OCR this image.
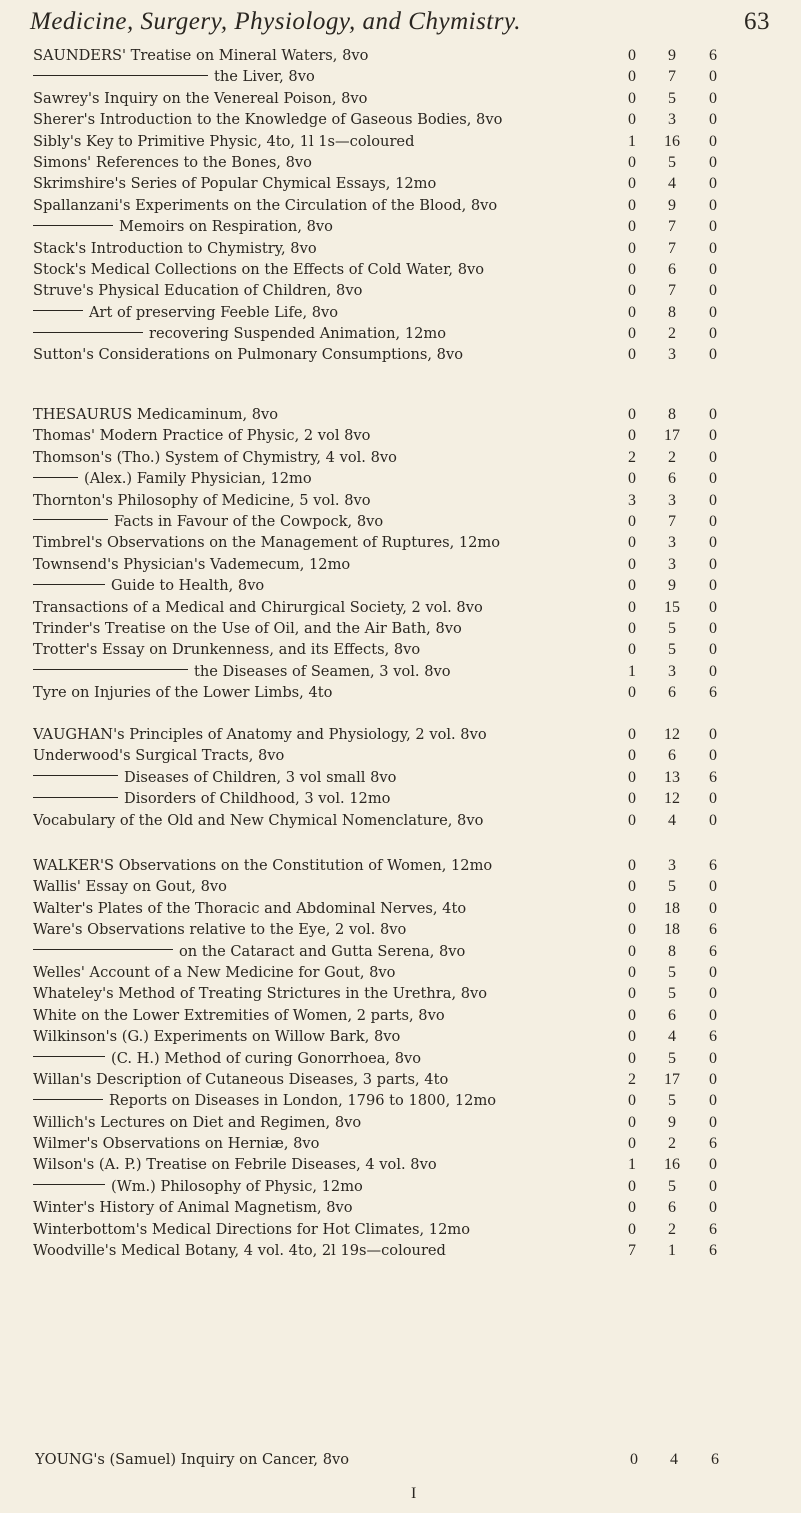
Medicine, Surgery, Physiology, and Chymistry.	63
SAUNDERS' Treatise on Mineral Waters, 8vo	0	9	6
the Liver, 8vo	0	7	0
Sawrey's Inquiry on the Venereal Poison, 8vo	0	5	0
Sherer's Introduction to the Knowledge of Gaseous Bodies, 8vo	0	3	0
Sibly's Key to Primitive Physic, 4to, 1l 1s—coloured	1	16	0
Simons' References to the Bones, 8vo	0	5	0
Skrimshire's Series of Popular Chymical Essays, 12mo	0	4	0
Spallanzani's Experiments on the Circulation of the Blood, 8vo	0	9	0
Memoirs on Respiration, 8vo	0	7	0
Stack's Introduction to Chymistry, 8vo	0	7	0
Stock's Medical Collections on the Effects of Cold Water, 8vo	0	6	0
Struve's Physical Education of Children, 8vo	0	7	0
Art of preserving Feeble Life, 8vo	0	8	0
recovering Suspended Animation, 12mo	0	2	0
Sutton's Considerations on Pulmonary Consumptions, 8vo	0	3	0
THESAURUS Medicaminum, 8vo	0	8	0
Thomas' Modern Practice of Physic, 2 vol 8vo	0	17	0
Thomson's (Tho.) System of Chymistry, 4 vol. 8vo	2	2	0
(Alex.) Family Physician, 12mo	0	6	0
Thornton's Philosophy of Medicine, 5 vol. 8vo	3	3	0
Facts in Favour of the Cowpock, 8vo	0	7	0
Timbrel's Observations on the Management of Ruptures, 12mo	0	3	0
Townsend's Physician's Vademecum, 12mo	0	3	0
Guide to Health, 8vo	0	9	0
Transactions of a Medical and Chirurgical Society, 2 vol. 8vo	0	15	0
Trinder's Treatise on the Use of Oil, and the Air Bath, 8vo	0	5	0
Trotter's Essay on Drunkenness, and its Effects, 8vo	0	5	0
the Diseases of Seamen, 3 vol. 8vo	1	3	0
Tyre on Injuries of the Lower Limbs, 4to	0	6	6
VAUGHAN's Principles of Anatomy and Physiology, 2 vol. 8vo	0	12	0
Underwood's Surgical Tracts, 8vo	0	6	0
Diseases of Children, 3 vol small 8vo	0	13	6
Disorders of Childhood, 3 vol. 12mo	0	12	0
Vocabulary of the Old and New Chymical Nomenclature, 8vo	0	4	0
WALKER'S Observations on the Constitution of Women, 12mo	0	3	6
Wallis' Essay on Gout, 8vo	0	5	0
Walter's Plates of the Thoracic and Abdominal Nerves, 4to	0	18	0
Ware's Observations relative to the Eye, 2 vol. 8vo	0	18	6
on the Cataract and Gutta Serena, 8vo	0	8	6
Welles' Account of a New Medicine for Gout, 8vo	0	5	0
Whateley's Method of Treating Strictures in the Urethra, 8vo	0	5	0
White on the Lower Extremities of Women, 2 parts, 8vo	0	6	0
Wilkinson's (G.) Experiments on Willow Bark, 8vo	0	4	6
(C. H.) Method of curing Gonorrhoea, 8vo	0	5	0
Willan's Description of Cutaneous Diseases, 3 parts, 4to	2	17	0
Reports on Diseases in London, 1796 to 1800, 12mo	0	5	0
Willich's Lectures on Diet and Regimen, 8vo	0	9	0
Wilmer's Observations on Herniæ, 8vo	0	2	6
Wilson's (A. P.) Treatise on Febrile Diseases, 4 vol. 8vo	1	16	0
(Wm.) Philosophy of Physic, 12mo	0	5	0
Winter's History of Animal Magnetism, 8vo	0	6	0
Winterbottom's Medical Directions for Hot Climates, 12mo	0	2	6
Woodville's Medical Botany, 4 vol. 4to, 2l 19s—coloured	7	1	6
YOUNG's (Samuel) Inquiry on Cancer, 8vo	0	4	6
I
